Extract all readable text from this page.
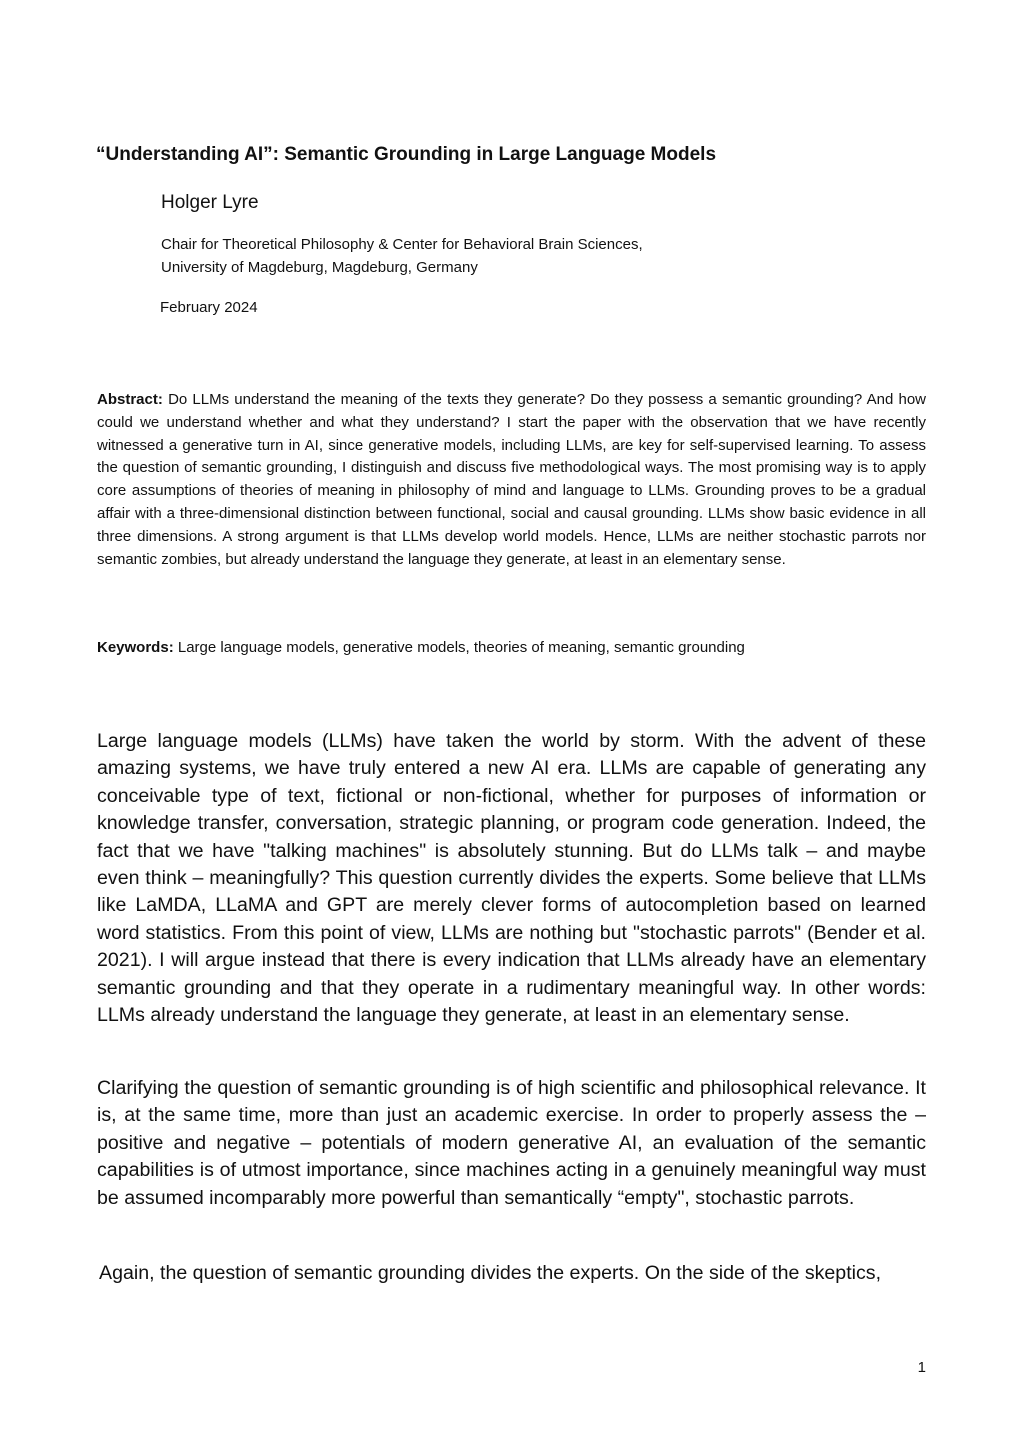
“Understanding AI”: Semantic Grounding in Large Language Models

Holger Lyre

Chair for Theoretical Philosophy & Center for Behavioral Brain Sciences,
University of Magdeburg, Magdeburg, Germany

February 2024

Abstract: Do LLMs understand the meaning of the texts they generate? Do they possess a semantic grounding? And how could we understand whether and what they understand? I start the paper with the observation that we have recently witnessed a generative turn in AI, since generative models, including LLMs, are key for self-supervised learning. To assess the question of semantic grounding, I distinguish and discuss five methodological ways. The most promising way is to apply core assumptions of theories of meaning in philosophy of mind and language to LLMs. Grounding proves to be a gradual affair with a three-dimensional distinction between functional, social and causal grounding. LLMs show basic evidence in all three dimensions. A strong argument is that LLMs develop world models. Hence, LLMs are neither stochastic parrots nor semantic zombies, but already understand the language they generate, at least in an elementary sense.

Keywords: Large language models, generative models, theories of meaning, semantic grounding

Large language models (LLMs) have taken the world by storm. With the advent of these amazing systems, we have truly entered a new AI era. LLMs are capable of generating any conceivable type of text, fictional or non-fictional, whether for purposes of information or knowledge transfer, conversation, strategic planning, or program code generation. Indeed, the fact that we have "talking machines" is absolutely stunning. But do LLMs talk – and maybe even think – meaningfully? This question currently divides the experts. Some believe that LLMs like LaMDA, LLaMA and GPT are merely clever forms of autocompletion based on learned word statistics. From this point of view, LLMs are nothing but "stochastic parrots" (Bender et al. 2021). I will argue instead that there is every indication that LLMs already have an elementary semantic grounding and that they operate in a rudimentary meaningful way. In other words: LLMs already understand the language they generate, at least in an elementary sense.

Clarifying the question of semantic grounding is of high scientific and philosophical relevance. It is, at the same time, more than just an academic exercise. In order to properly assess the – positive and negative – potentials of modern generative AI, an evaluation of the semantic capabilities is of utmost importance, since machines acting in a genuinely meaningful way must be assumed incomparably more powerful than semantically “empty", stochastic parrots.

Again, the question of semantic grounding divides the experts. On the side of the skeptics,

1
